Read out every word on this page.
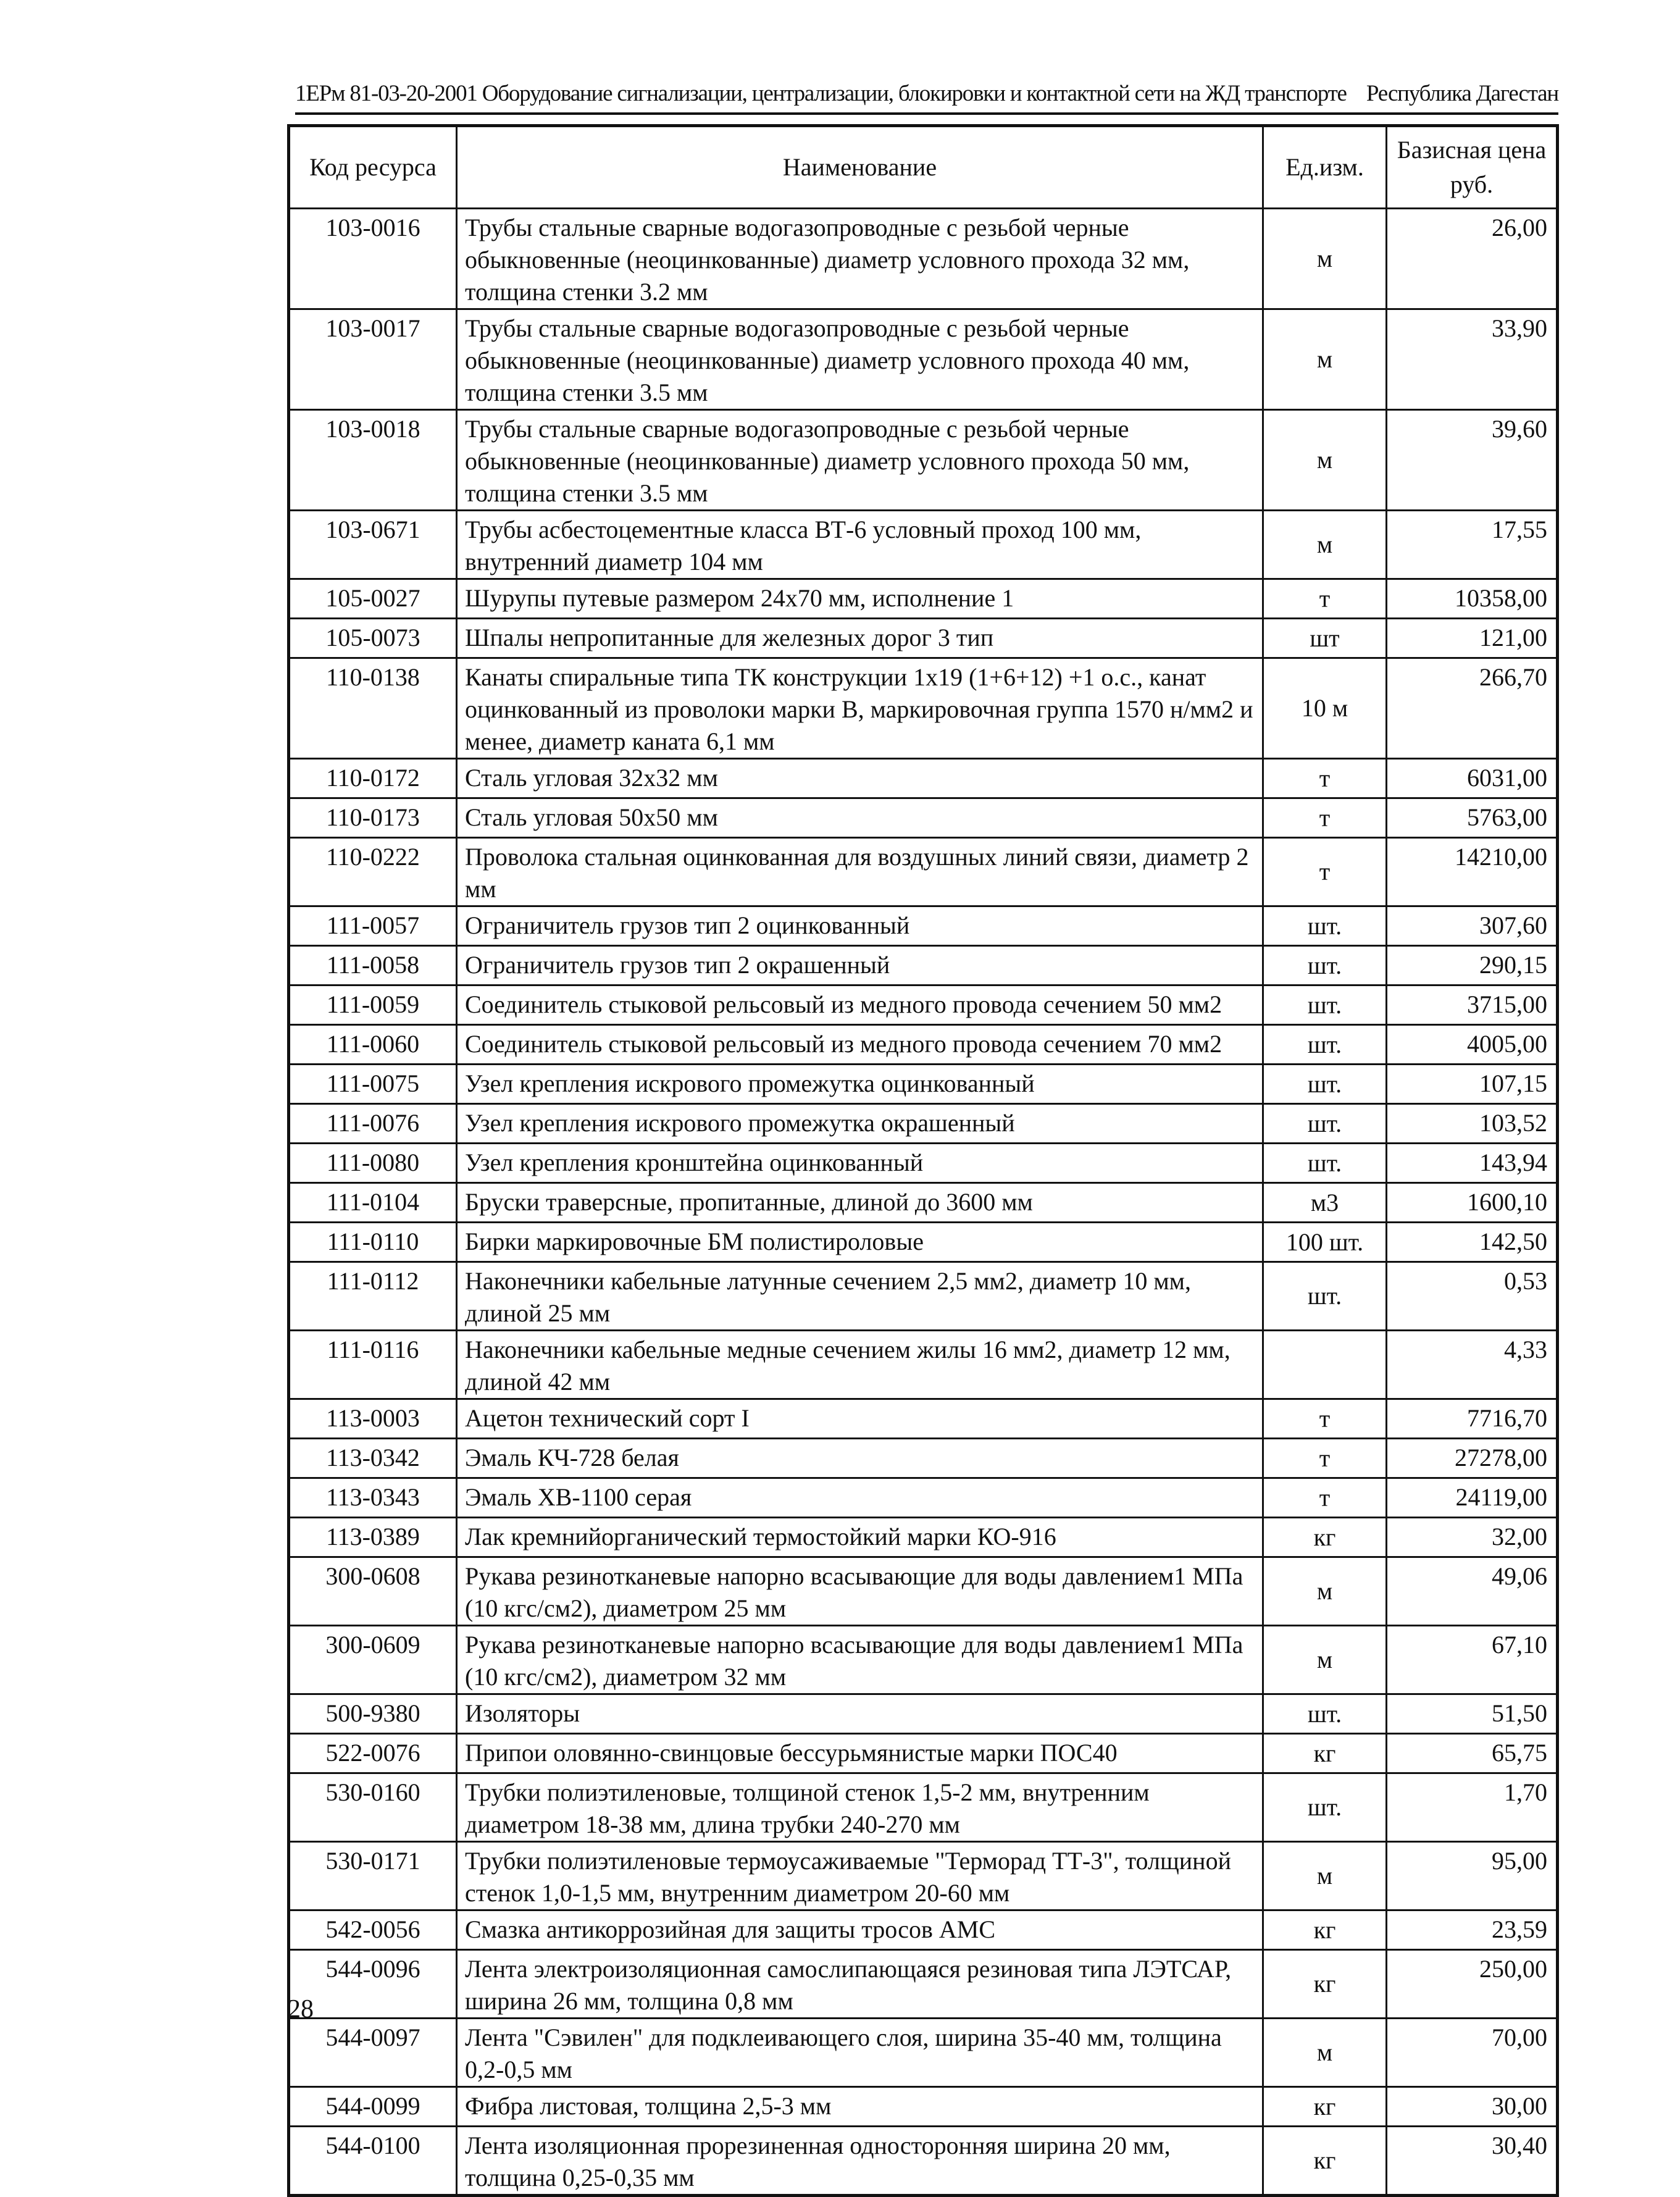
1ЕРм 81-03-20-2001 Оборудование сигнализации, централизации, блокировки и контактной сети на ЖД транспорте Республика Дагестан
Код ресурса	Наименование	Ед.изм.	Базисная цена
руб.
103-0016	Трубы стальные сварные водогазопроводные с резьбой черные обыкновенные (неоцинкованные) диаметр условного прохода 32 мм, толщина стенки 3.2 мм	м	26,00
103-0017	Трубы стальные сварные водогазопроводные с резьбой черные обыкновенные (неоцинкованные) диаметр условного прохода 40 мм, толщина стенки 3.5 мм	м	33,90
103-0018	Трубы стальные сварные водогазопроводные с резьбой черные обыкновенные (неоцинкованные) диаметр условного прохода 50 мм, толщина стенки 3.5 мм	м	39,60
103-0671	Трубы асбестоцементные класса ВТ-6 условный проход 100 мм, внутренний диаметр 104 мм	м	17,55
105-0027	Шурупы путевые размером 24x70 мм, исполнение 1	т	10358,00
105-0073	Шпалы непропитанные для железных дорог 3 тип	шт	121,00
110-0138	Канаты спиральные типа ТК конструкции 1x19 (1+6+12) +1 о.с., канат оцинкованный из проволоки марки В, маркировочная группа 1570 н/мм2 и менее, диаметр каната 6,1 мм	10 м	266,70
110-0172	Сталь угловая 32x32 мм	т	6031,00
110-0173	Сталь угловая 50x50 мм	т	5763,00
110-0222	Проволока стальная оцинкованная для воздушных линий связи, диаметр 2 мм	т	14210,00
111-0057	Ограничитель грузов тип 2 оцинкованный	шт.	307,60
111-0058	Ограничитель грузов тип 2 окрашенный	шт.	290,15
111-0059	Соединитель стыковой рельсовый из медного провода сечением 50 мм2	шт.	3715,00
111-0060	Соединитель стыковой рельсовый из медного провода сечением 70 мм2	шт.	4005,00
111-0075	Узел крепления искрового промежутка оцинкованный	шт.	107,15
111-0076	Узел крепления искрового промежутка окрашенный	шт.	103,52
111-0080	Узел крепления кронштейна оцинкованный	шт.	143,94
111-0104	Бруски траверсные, пропитанные, длиной до 3600 мм	м3	1600,10
111-0110	Бирки маркировочные БМ полистироловые	100 шт.	142,50
111-0112	Наконечники кабельные латунные сечением 2,5 мм2, диаметр 10 мм, длиной 25 мм	шт.	0,53
111-0116	Наконечники кабельные медные сечением жилы 16 мм2, диаметр 12 мм, длиной 42 мм		4,33
113-0003	Ацетон технический сорт I	т	7716,70
113-0342	Эмаль КЧ-728 белая	т	27278,00
113-0343	Эмаль ХВ-1100 серая	т	24119,00
113-0389	Лак кремнийорганический термостойкий марки КО-916	кг	32,00
300-0608	Рукава резинотканевые напорно всасывающие для воды давлением1 МПа (10 кгс/см2), диаметром 25 мм	м	49,06
300-0609	Рукава резинотканевые напорно всасывающие для воды давлением1 МПа (10 кгс/см2), диаметром 32 мм	м	67,10
500-9380	Изоляторы	шт.	51,50
522-0076	Припои оловянно-свинцовые бессурьмянистые марки ПОС40	кг	65,75
530-0160	Трубки полиэтиленовые, толщиной стенок 1,5-2 мм, внутренним диаметром 18-38 мм, длина трубки 240-270 мм	шт.	1,70
530-0171	Трубки полиэтиленовые термоусаживаемые "Терморад ТТ-3", толщиной стенок 1,0-1,5 мм, внутренним диаметром 20-60 мм	м	95,00
542-0056	Смазка антикоррозийная для защиты тросов АМС	кг	23,59
544-0096	Лента электроизоляционная самослипающаяся резиновая типа ЛЭТСАР, ширина 26 мм, толщина 0,8 мм	кг	250,00
544-0097	Лента "Сэвилен" для подклеивающего слоя, ширина 35-40 мм, толщина 0,2-0,5 мм	м	70,00
544-0099	Фибра листовая, толщина 2,5-3 мм	кг	30,00
544-0100	Лента изоляционная прорезиненная односторонняя ширина 20 мм, толщина 0,25-0,35 мм	кг	30,40
28
